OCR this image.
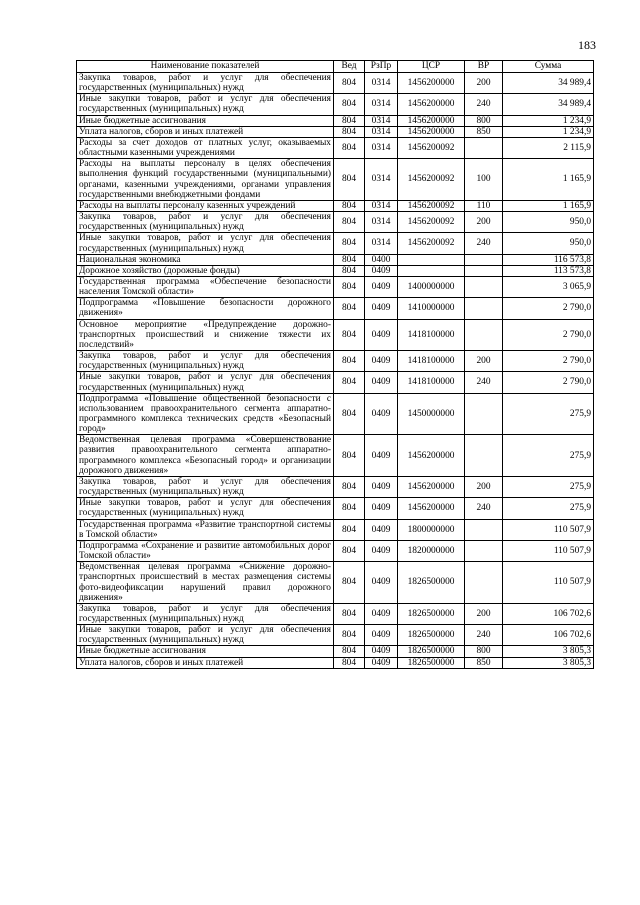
183
Наименование показателей	Вед	РзПр	ЦСР	ВР	Сумма
Закупка товаров, работ и услуг для обеспечения государственных (муниципальных) нужд	804	0314	1456200000	200	34 989,4
Иные закупки товаров, работ и услуг для обеспечения государственных (муниципальных) нужд	804	0314	1456200000	240	34 989,4
Иные бюджетные ассигнования	804	0314	1456200000	800	1 234,9
Уплата налогов, сборов и иных платежей	804	0314	1456200000	850	1 234,9
Расходы за счет доходов от платных услуг, оказываемых областными казенными учреждениями	804	0314	1456200092		2 115,9
Расходы на выплаты персоналу в целях обеспечения выполнения функций государственными (муниципальными) органами, казенными учреждениями, органами управления государственными внебюджетными фондами	804	0314	1456200092	100	1 165,9
Расходы на выплаты персоналу казенных учреждений	804	0314	1456200092	110	1 165,9
Закупка товаров, работ и услуг для обеспечения государственных (муниципальных) нужд	804	0314	1456200092	200	950,0
Иные закупки товаров, работ и услуг для обеспечения государственных (муниципальных) нужд	804	0314	1456200092	240	950,0
Национальная экономика	804	0400			116 573,8
Дорожное хозяйство (дорожные фонды)	804	0409			113 573,8
Государственная программа «Обеспечение безопасности населения Томской области»	804	0409	1400000000		3 065,9
Подпрограмма «Повышение безопасности дорожного движения»	804	0409	1410000000		2 790,0
Основное мероприятие «Предупреждение дорожно-транспортных происшествий и снижение тяжести их последствий»	804	0409	1418100000		2 790,0
Закупка товаров, работ и услуг для обеспечения государственных (муниципальных) нужд	804	0409	1418100000	200	2 790,0
Иные закупки товаров, работ и услуг для обеспечения государственных (муниципальных) нужд	804	0409	1418100000	240	2 790,0
Подпрограмма «Повышение общественной безопасности с использованием правоохранительного сегмента аппаратно-программного комплекса технических средств «Безопасный город»	804	0409	1450000000		275,9
Ведомственная целевая программа «Совершенствование развития правоохранительного сегмента аппаратно-программного комплекса «Безопасный город» и организации дорожного движения»	804	0409	1456200000		275,9
Закупка товаров, работ и услуг для обеспечения государственных (муниципальных) нужд	804	0409	1456200000	200	275,9
Иные закупки товаров, работ и услуг для обеспечения государственных (муниципальных) нужд	804	0409	1456200000	240	275,9
Государственная программа «Развитие транспортной системы в Томской области»	804	0409	1800000000		110 507,9
Подпрограмма «Сохранение и развитие автомобильных дорог Томской области»	804	0409	1820000000		110 507,9
Ведомственная целевая программа «Снижение дорожно-транспортных происшествий в местах размещения системы фото-видеофиксации нарушений правил дорожного движения»	804	0409	1826500000		110 507,9
Закупка товаров, работ и услуг для обеспечения государственных (муниципальных) нужд	804	0409	1826500000	200	106 702,6
Иные закупки товаров, работ и услуг для обеспечения государственных (муниципальных) нужд	804	0409	1826500000	240	106 702,6
Иные бюджетные ассигнования	804	0409	1826500000	800	3 805,3
Уплата налогов, сборов и иных платежей	804	0409	1826500000	850	3 805,3
